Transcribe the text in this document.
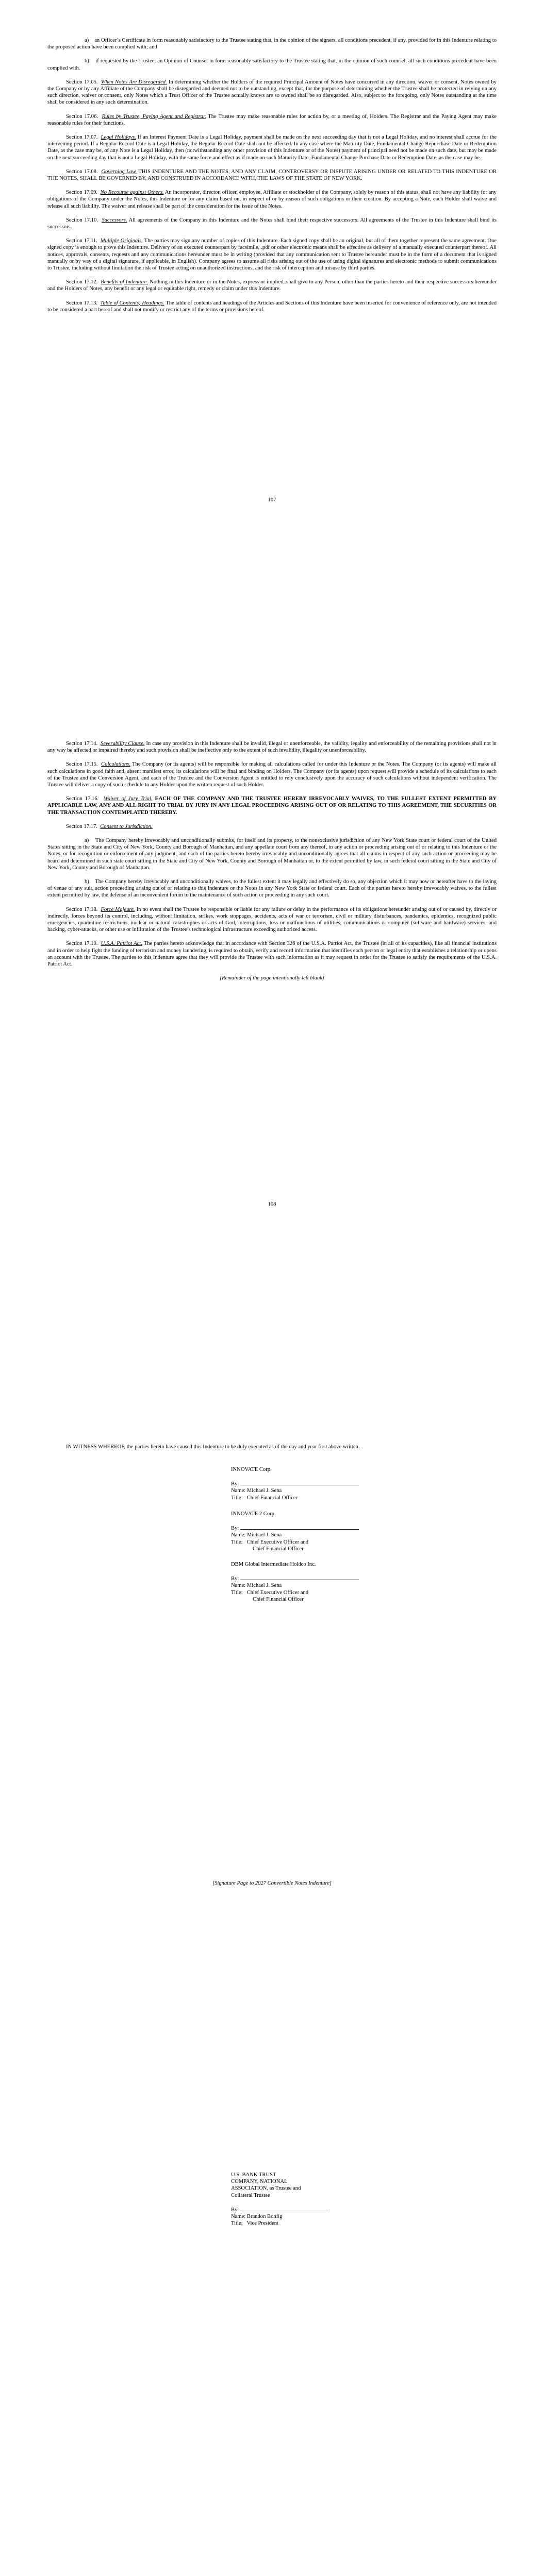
a)    an Officer’s Certificate in form reasonably satisfactory to the Trustee stating that, in the opinion of the signers, all conditions precedent, if any, provided for in this Indenture relating to the proposed action have been complied with; and

b)    if requested by the Trustee, an Opinion of Counsel in form reasonably satisfactory to the Trustee stating that, in the opinion of such counsel, all such conditions precedent have been complied with.

Section 17.05.  When Notes Are Disregarded. In determining whether the Holders of the required Principal Amount of Notes have concurred in any direction, waiver or consent, Notes owned by the Company or by any Affiliate of the Company shall be disregarded and deemed not to be outstanding, except that, for the purpose of determining whether the Trustee shall be protected in relying on any such direction, waiver or consent, only Notes which a Trust Officer of the Trustee actually knows are so owned shall be so disregarded. Also, subject to the foregoing, only Notes outstanding at the time shall be considered in any such determination.

Section 17.06.  Rules by Trustee, Paying Agent and Registrar. The Trustee may make reasonable rules for action by, or a meeting of, Holders. The Registrar and the Paying Agent may make reasonable rules for their functions.

Section 17.07.  Legal Holidays. If an Interest Payment Date is a Legal Holiday, payment shall be made on the next succeeding day that is not a Legal Holiday, and no interest shall accrue for the intervening period. If a Regular Record Date is a Legal Holiday, the Regular Record Date shall not be affected. In any case where the Maturity Date, Fundamental Change Repurchase Date or Redemption Date, as the case may be, of any Note is a Legal Holiday, then (notwithstanding any other provision of this Indenture or of the Notes) payment of principal need not be made on such date, but may be made on the next succeeding day that is not a Legal Holiday, with the same force and effect as if made on such Maturity Date, Fundamental Change Purchase Date or Redemption Date, as the case may be.

Section 17.08.  Governing Law. THIS INDENTURE AND THE NOTES, AND ANY CLAIM, CONTROVERSY OR DISPUTE ARISING UNDER OR RELATED TO THIS INDENTURE OR THE NOTES, SHALL BE GOVERNED BY, AND CONSTRUED IN ACCORDANCE WITH, THE LAWS OF THE STATE OF NEW YORK.

Section 17.09.  No Recourse against Others. An incorporator, director, officer, employee, Affiliate or stockholder of the Company, solely by reason of this status, shall not have any liability for any obligations of the Company under the Notes, this Indenture or for any claim based on, in respect of or by reason of such obligations or their creation. By accepting a Note, each Holder shall waive and release all such liability. The waiver and release shall be part of the consideration for the issue of the Notes.

Section 17.10.  Successors. All agreements of the Company in this Indenture and the Notes shall bind their respective successors. All agreements of the Trustee in this Indenture shall bind its successors.

Section 17.11.  Multiple Originals. The parties may sign any number of copies of this Indenture. Each signed copy shall be an original, but all of them together represent the same agreement. One signed copy is enough to prove this Indenture. Delivery of an executed counterpart by facsimile, .pdf or other electronic means shall be effective as delivery of a manually executed counterpart thereof. All notices, approvals, consents, requests and any communications hereunder must be in writing (provided that any communication sent to Trustee hereunder must be in the form of a document that is signed manually or by way of a digital signature, if applicable, in English). Company agrees to assume all risks arising out of the use of using digital signatures and electronic methods to submit communications to Trustee, including without limitation the risk of Trustee acting on unauthorized instructions, and the risk of interception and misuse by third parties.

Section 17.12.  Benefits of Indenture. Nothing in this Indenture or in the Notes, express or implied, shall give to any Person, other than the parties hereto and their respective successors hereunder and the Holders of Notes, any benefit or any legal or equitable right, remedy or claim under this Indenture.

Section 17.13.  Table of Contents; Headings. The table of contents and headings of the Articles and Sections of this Indenture have been inserted for convenience of reference only, are not intended to be considered a part hereof and shall not modify or restrict any of the terms or provisions hereof.

107

Section 17.14.  Severability Clause. In case any provision in this Indenture shall be invalid, illegal or unenforceable, the validity, legality and enforceability of the remaining provisions shall not in any way be affected or impaired thereby and such provision shall be ineffective only to the extent of such invalidity, illegality or unenforceability.

Section 17.15.  Calculations. The Company (or its agents) will be responsible for making all calculations called for under this Indenture or the Notes. The Company (or its agents) will make all such calculations in good faith and, absent manifest error, its calculations will be final and binding on Holders. The Company (or its agents) upon request will provide a schedule of its calculations to each of the Trustee and the Conversion Agent, and each of the Trustee and the Conversion Agent is entitled to rely conclusively upon the accuracy of such calculations without independent verification. The Trustee will deliver a copy of such schedule to any Holder upon the written request of such Holder.

Section 17.16.  Waiver of Jury Trial. EACH OF THE COMPANY AND THE TRUSTEE HEREBY IRREVOCABLY WAIVES, TO THE FULLEST EXTENT PERMITTED BY APPLICABLE LAW, ANY AND ALL RIGHT TO TRIAL BY JURY IN ANY LEGAL PROCEEDING ARISING OUT OF OR RELATING TO THIS AGREEMENT, THE SECURITIES OR THE TRANSACTION CONTEMPLATED THEREBY.

Section 17.17.  Consent to Jurisdiction.

a)    The Company hereby irrevocably and unconditionally submits, for itself and its property, to the nonexclusive jurisdiction of any New York State court or federal court of the United States sitting in the State and City of New York, County and Borough of Manhattan, and any appellate court from any thereof, in any action or proceeding arising out of or relating to this Indenture or the Notes, or for recognition or enforcement of any judgment, and each of the parties hereto hereby irrevocably and unconditionally agrees that all claims in respect of any such action or proceeding may be heard and determined in such state court sitting in the State and City of New York, County and Borough of Manhattan or, to the extent permitted by law, in such federal court sitting in the State and City of New York, County and Borough of Manhattan.

b)    The Company hereby irrevocably and unconditionally waives, to the fullest extent it may legally and effectively do so, any objection which it may now or hereafter have to the laying of venue of any suit, action proceeding arising out of or relating to this Indenture or the Notes in any New York State or federal court. Each of the parties hereto hereby irrevocably waives, to the fullest extent permitted by law, the defense of an inconvenient forum to the maintenance of such action or proceeding in any such court.

Section 17.18.  Force Majeure. In no event shall the Trustee be responsible or liable for any failure or delay in the performance of its obligations hereunder arising out of or caused by, directly or indirectly, forces beyond its control, including, without limitation, strikes, work stoppages, accidents, acts of war or terrorism, civil or military disturbances, pandemics, epidemics, recognized public emergencies, quarantine restrictions, nuclear or natural catastrophes or acts of God, interruptions, loss or malfunctions of utilities, communications or computer (software and hardware) services, and hacking, cyber-attacks, or other use or infiltration of the Trustee’s technological infrastructure exceeding authorized access.

Section 17.19.  U.S.A. Patriot Act. The parties hereto acknowledge that in accordance with Section 326 of the U.S.A. Patriot Act, the Trustee (in all of its capacities), like all financial institutions and in order to help fight the funding of terrorism and money laundering, is required to obtain, verify and record information that identifies each person or legal entity that establishes a relationship or opens an account with the Trustee. The parties to this Indenture agree that they will provide the Trustee with such information as it may request in order for the Trustee to satisfy the requirements of the U.S.A. Patriot Act.

[Remainder of the page intentionally left blank]

108

IN WITNESS WHEREOF, the parties hereto have caused this Indenture to be duly executed as of the day and year first above written.

INNOVATE Corp.
By:
Name: Michael J. Sena
Title:   Chief Financial Officer
INNOVATE 2 Corp.
By:
Name: Michael J. Sena
Title:   Chief Executive Officer and
Chief Financial Officer
DBM Global Intermediate Holdco Inc.
By:
Name: Michael J. Sena
Title:   Chief Executive Officer and
Chief Financial Officer
[Signature Page to 2027 Convertible Notes Indenture]
U.S. BANK TRUST
COMPANY, NATIONAL
ASSOCIATION, as Trustee and
Collateral Trustee
By:
Name: Brandon Bonfig
Title:   Vice President
